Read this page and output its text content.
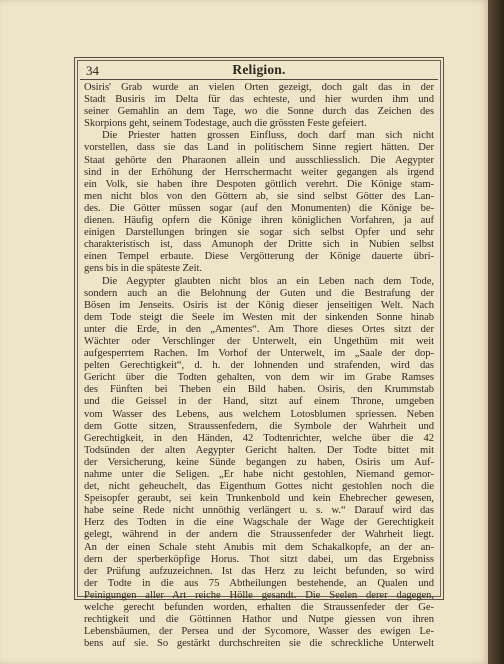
34	Religion.
Osiris' Grab wurde an vielen Orten gezeigt, doch galt das in der
Stadt Busiris im Delta für das echteste, und hier wurden ihm und
seiner Gemahlin an dem Tage, wo die Sonne durch das Zeichen des
Skorpions geht, seinem Todestage, auch die grössten Feste gefeiert.
Die Priester hatten grossen Einfluss, doch darf man sich nicht
vorstellen, dass sie das Land in politischem Sinne regiert hätten. Der
Staat gehörte den Pharaonen allein und ausschliesslich. Die Aegypter
sind in der Erhöhung der Herrschermacht weiter gegangen als irgend
ein Volk, sie haben ihre Despoten göttlich verehrt. Die Könige stam-
men nicht blos von den Göttern ab, sie sind selbst Götter des Lan-
des. Die Götter müssen sogar (auf den Monumenten) die Könige be-
dienen. Häufig opfern die Könige ihren königlichen Vorfahren, ja auf
einigen Darstellungen bringen sie sogar sich selbst Opfer und sehr
charakteristisch ist, dass Amunoph der Dritte sich in Nubien selbst
einen Tempel erbaute. Diese Vergötterung der Könige dauerte übri-
gens bis in die späteste Zeit.
Die Aegypter glaubten nicht blos an ein Leben nach dem Tode,
sondern auch an die Belohnung der Guten und die Bestrafung der
Bösen im Jenseits. Osiris ist der König dieser jenseitigen Welt. Nach
dem Tode steigt die Seele im Westen mit der sinkenden Sonne hinab
unter die Erde, in den „Amentes“. Am Thore dieses Ortes sitzt der
Wächter oder Verschlinger der Unterwelt, ein Ungethüm mit weit
aufgesperrtem Rachen. Im Vorhof der Unterwelt, im „Saale der dop-
pelten Gerechtigkeit“, d. h. der lohnenden und strafenden, wird das
Gericht über die Todten gehalten, von dem wir im Grabe Ramses
des Fünften bei Theben ein Bild haben. Osiris, den Krummstab
und die Geissel in der Hand, sitzt auf einem Throne, umgeben
vom Wasser des Lebens, aus welchem Lotosblumen spriessen. Neben
dem Gotte sitzen, Straussenfedern, die Symbole der Wahrheit und
Gerechtigkeit, in den Händen, 42 Todtenrichter, welche über die 42
Todsünden der alten Aegypter Gericht halten. Der Todte bittet mit
der Versicherung, keine Sünde begangen zu haben, Osiris um Auf-
nahme unter die Seligen. „Er habe nicht gestohlen, Niemand gemor-
det, nicht geheuchelt, das Eigenthum Gottes nicht gestohlen noch die
Speisopfer geraubt, sei kein Trunkenbold und kein Ehebrecher gewesen,
habe seine Rede nicht unnöthig verlängert u. s. w.“ Darauf wird das
Herz des Todten in die eine Wagschale der Wage der Gerechtigkeit
gelegt, während in der andern die Straussenfeder der Wahrheit liegt.
An der einen Schale steht Anubis mit dem Schakalkopfe, an der an-
dern der sperberköpfige Horus. Thot sitzt dabei, um das Ergebniss
der Prüfung aufzuzeichnen. Ist das Herz zu leicht befunden, so wird
der Todte in die aus 75 Abtheilungen bestehende, an Qualen und
Peinigungen aller Art reiche Hölle gesandt. Die Seelen derer dagegen,
welche gerecht befunden worden, erhalten die Straussenfeder der Ge-
rechtigkeit und die Göttinnen Hathor und Nutpe giessen von ihren
Lebensbäumen, der Persea und der Sycomore, Wasser des ewigen Le-
bens auf sie. So gestärkt durchschreiten sie die schreckliche Unterwelt
